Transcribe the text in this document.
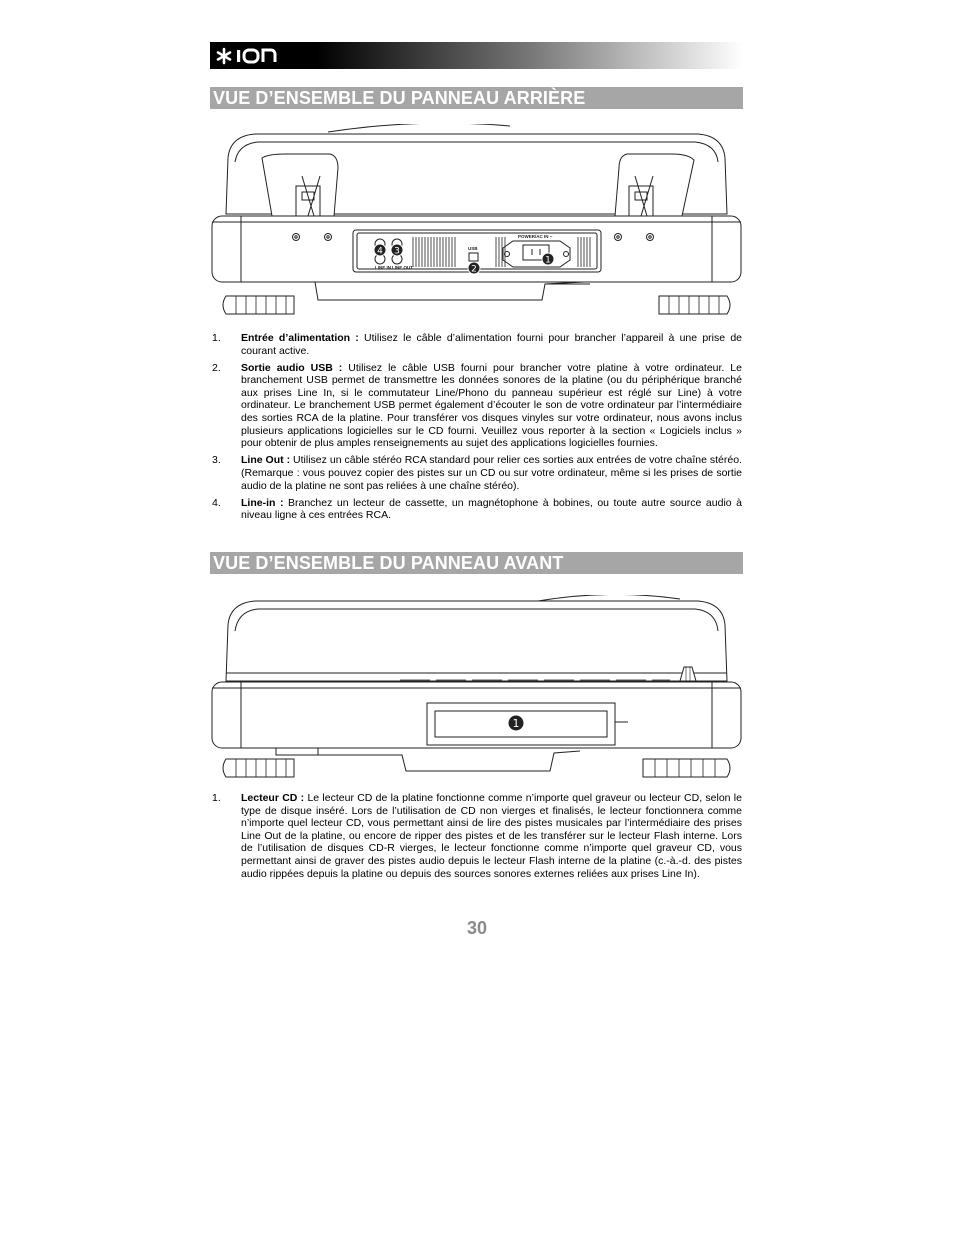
VUE D’ENSEMBLE DU PANNEAU ARRIÈRE
LINE IN LINE OUT
USB
POWER/AC IN ~
4 3
2
1
1. Entrée d’alimentation : Utilisez le câble d’alimentation fourni pour brancher l’appareil à une prise de courant active.
2. Sortie audio USB : Utilisez le câble USB fourni pour brancher votre platine à votre ordinateur. Le branchement USB permet de transmettre les données sonores de la platine (ou du périphérique branché aux prises Line In, si le commutateur Line/Phono du panneau supérieur est réglé sur Line) à votre ordinateur. Le branchement USB permet également d’écouter le son de votre ordinateur par l’intermédiaire des sorties RCA de la platine. Pour transférer vos disques vinyles sur votre ordinateur, nous avons inclus plusieurs applications logicielles sur le CD fourni. Veuillez vous reporter à la section « Logiciels inclus » pour obtenir de plus amples renseignements au sujet des applications logicielles fournies.
3. Line Out : Utilisez un câble stéréo RCA standard pour relier ces sorties aux entrées de votre chaîne stéréo. (Remarque : vous pouvez copier des pistes sur un CD ou sur votre ordinateur, même si les prises de sortie audio de la platine ne sont pas reliées à une chaîne stéréo).
4. Line-in : Branchez un lecteur de cassette, un magnétophone à bobines, ou toute autre source audio à niveau ligne à ces entrées RCA.
VUE D’ENSEMBLE DU PANNEAU AVANT
1
1. Lecteur CD : Le lecteur CD de la platine fonctionne comme n’importe quel graveur ou lecteur CD, selon le type de disque inséré. Lors de l’utilisation de CD non vierges et finalisés, le lecteur fonctionnera comme n’importe quel lecteur CD, vous permettant ainsi de lire des pistes musicales par l’intermédiaire des prises Line Out de la platine, ou encore de ripper des pistes et de les transférer sur le lecteur Flash interne. Lors de l’utilisation de disques CD-R vierges, le lecteur fonctionne comme n’importe quel graveur CD, vous permettant ainsi de graver des pistes audio depuis le lecteur Flash interne de la platine (c.-à.-d. des pistes audio rippées depuis la platine ou depuis des sources sonores externes reliées aux prises Line In).
30
